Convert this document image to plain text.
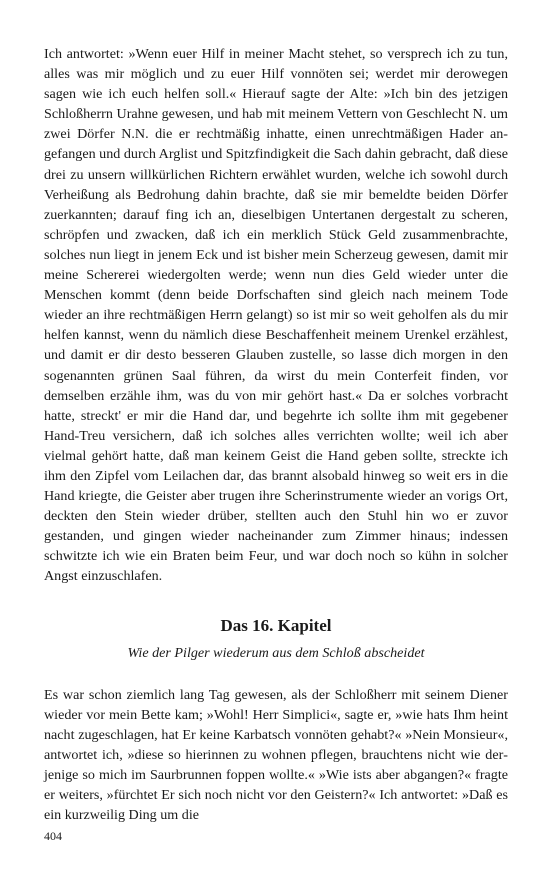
Ich antwortet: »Wenn euer Hilf in meiner Macht stehet, so versprech ich zu tun, alles was mir möglich und zu euer Hilf vonnöten sei; werdet mir derowegen sagen wie ich euch helfen soll.« Hierauf sagte der Alte: »Ich bin des jetzigen Schloßherrn Urahne gewesen, und hab mit meinem Vettern von Geschlecht N. um zwei Dörfer N.N. die er rechtmäßig inhatte, einen unrechtmäßigen Hader angefangen und durch Arglist und Spitzfindigkeit die Sach dahin gebracht, daß diese drei zu unsern willkürlichen Richtern erwählet wurden, welche ich sowohl durch Verheißung als Bedrohung dahin brachte, daß sie mir bemeldte beiden Dörfer zuerkannten; darauf fing ich an, dieselbigen Untertanen dergestalt zu scheren, schröpfen und zwacken, daß ich ein merklich Stück Geld zusammenbrachte, solches nun liegt in jenem Eck und ist bisher mein Scherzeug gewesen, damit mir meine Schererei wiedergolten werde; wenn nun dies Geld wieder unter die Menschen kommt (denn beide Dorfschaften sind gleich nach meinem Tode wieder an ihre rechtmäßigen Herrn gelangt) so ist mir so weit geholfen als du mir helfen kannst, wenn du nämlich diese Beschaffenheit meinem Urenkel erzählest, und damit er dir desto besseren Glauben zustelle, so lasse dich morgen in den sogenannten grünen Saal führen, da wirst du mein Conterfeit finden, vor demselben erzähle ihm, was du von mir gehört hast.« Da er solches vorbracht hatte, streckt' er mir die Hand dar, und begehrte ich sollte ihm mit gegebener Hand-Treu versichern, daß ich solches alles verrichten wollte; weil ich aber vielmal gehört hatte, daß man keinem Geist die Hand geben sollte, streckte ich ihm den Zipfel vom Leilachen dar, das brannt alsobald hinweg so weit ers in die Hand kriegte, die Geister aber trugen ihre Scherinstrumente wieder an vorigs Ort, deckten den Stein wieder drüber, stellten auch den Stuhl hin wo er zuvor gestanden, und gingen wieder nacheinander zum Zimmer hinaus; indessen schwitzte ich wie ein Braten beim Feur, und war doch noch so kühn in solcher Angst einzuschlafen.

Das 16. Kapitel

Wie der Pilger wiederum aus dem Schloß abscheidet

Es war schon ziemlich lang Tag gewesen, als der Schloßherr mit seinem Diener wieder vor mein Bette kam; »Wohl! Herr Simplici«, sagte er, »wie hats Ihm heint nacht zugeschlagen, hat Er keine Karbatsch vonnöten gehabt?« »Nein Monsieur«, antwortet ich, »diese so hierinnen zu wohnen pflegen, brauchtens nicht wie derjenige so mich im Saurbrunnen foppen wollte.« »Wie ists aber abgangen?« fragte er weiters, »fürchtet Er sich noch nicht vor den Geistern?« Ich antwortet: »Daß es ein kurzweilig Ding um die

404
